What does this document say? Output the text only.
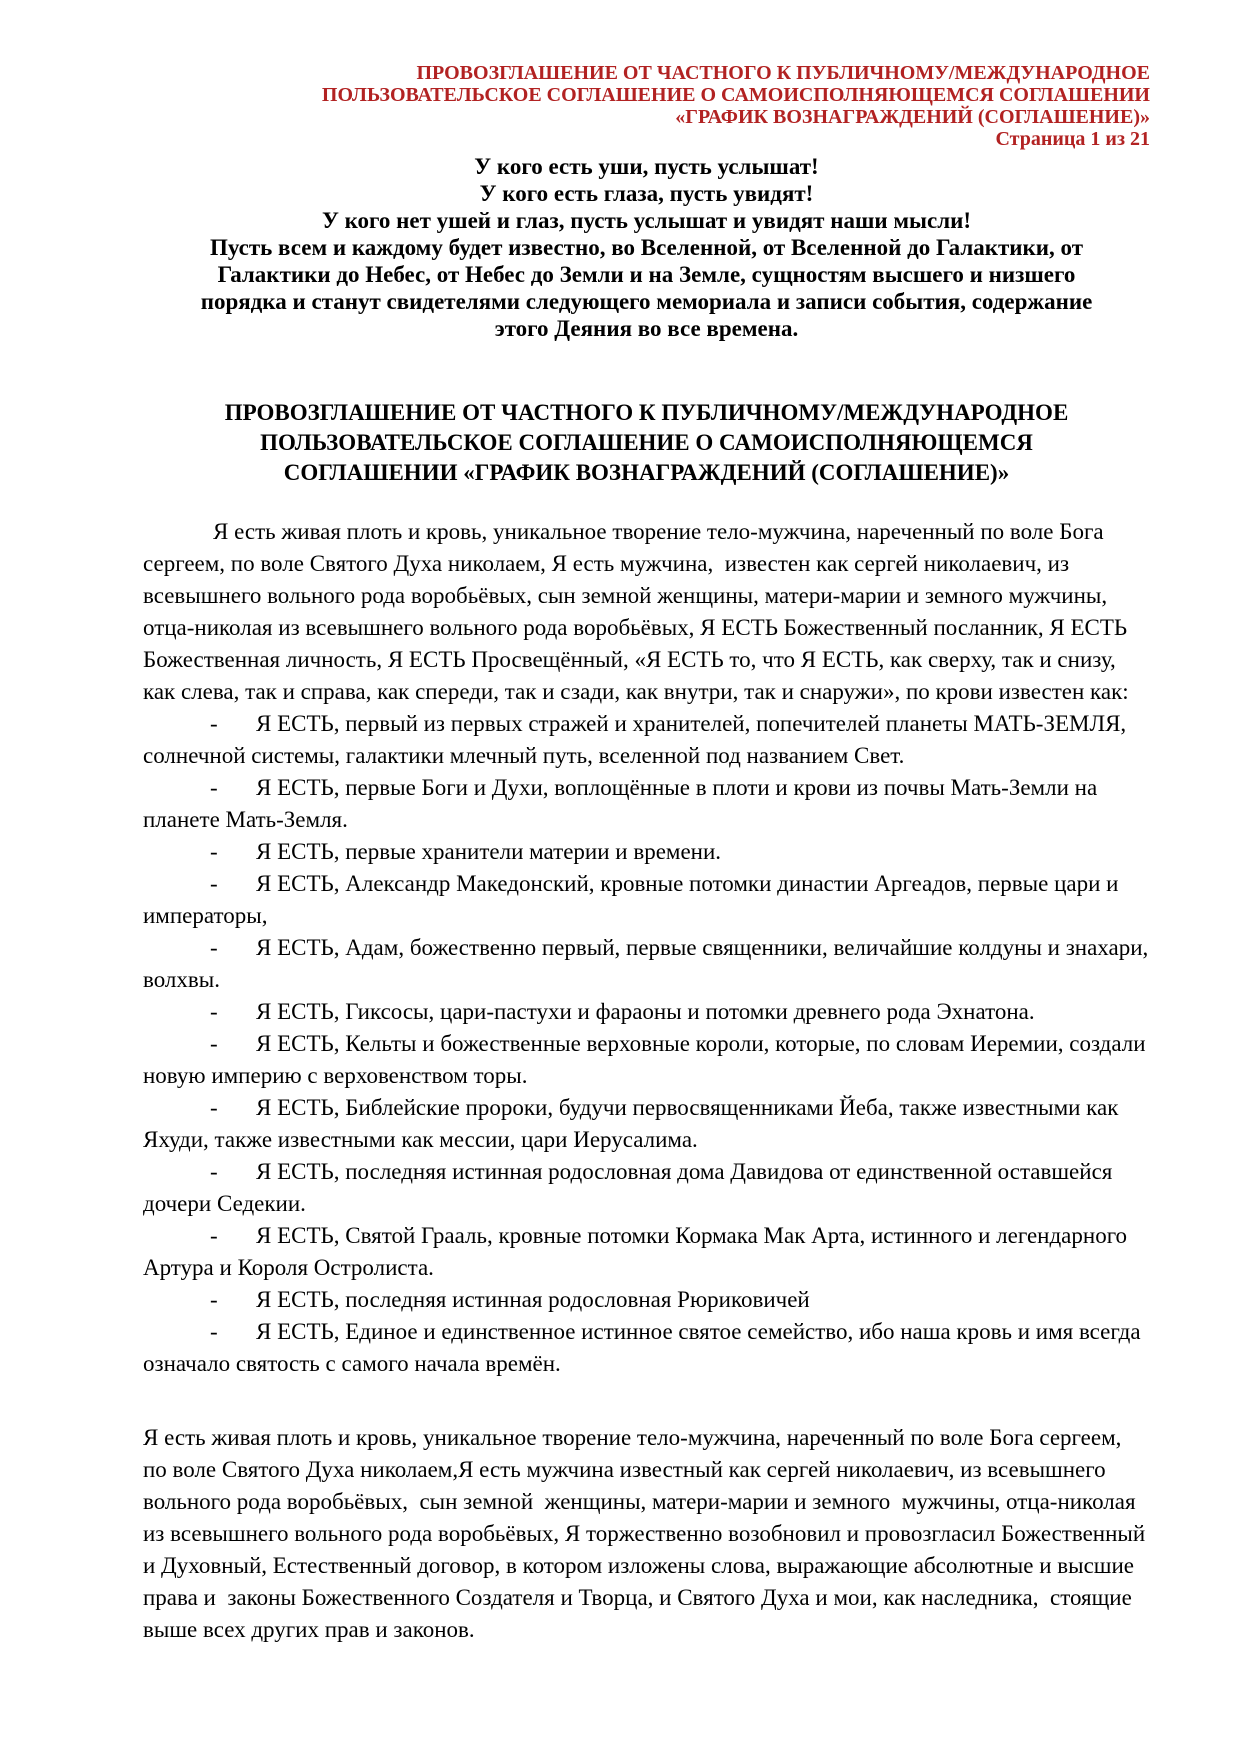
ПРОВОЗГЛАШЕНИЕ ОТ ЧАСТНОГО К ПУБЛИЧНОМУ/МЕЖДУНАРОДНОЕ
ПОЛЬЗОВАТЕЛЬСКОЕ СОГЛАШЕНИЕ О САМОИСПОЛНЯЮЩЕМСЯ СОГЛАШЕНИИ
«ГРАФИК ВОЗНАГРАЖДЕНИЙ (СОГЛАШЕНИЕ)»
Страница 1 из 21
У кого есть уши, пусть услышат!
У кого есть глаза, пусть увидят!
У кого нет ушей и глаз, пусть услышат и увидят наши мысли!
Пусть всем и каждому будет известно, во Вселенной, от Вселенной до Галактики, от
Галактики до Небес, от Небес до Земли и на Земле, сущностям высшего и низшего
порядка и станут свидетелями следующего мемориала и записи события, содержание
этого Деяния во все времена.
ПРОВОЗГЛАШЕНИЕ ОТ ЧАСТНОГО К ПУБЛИЧНОМУ/МЕЖДУНАРОДНОЕ
ПОЛЬЗОВАТЕЛЬСКОЕ СОГЛАШЕНИЕ О САМОИСПОЛНЯЮЩЕМСЯ
СОГЛАШЕНИИ «ГРАФИК ВОЗНАГРАЖДЕНИЙ (СОГЛАШЕНИЕ)»
Я есть живая плоть и кровь, уникальное творение тело-мужчина, нареченный по воле Бога сергеем, по воле Святого Духа николаем, Я есть мужчина,  известен как сергей николаевич, из всевышнего вольного рода воробьёвых, сын земной женщины, матери-марии и земного мужчины, отца-николая из всевышнего вольного рода воробьёвых, Я ЕСТЬ Божественный посланник, Я ЕСТЬ Божественная личность, Я ЕСТЬ Просвещённый, «Я ЕСТЬ то, что Я ЕСТЬ, как сверху, так и снизу, как слева, так и справа, как спереди, так и сзади, как внутри, так и снаружи», по крови известен как:
- Я ЕСТЬ, первый из первых стражей и хранителей, попечителей планеты МАТЬ-ЗЕМЛЯ, солнечной системы, галактики млечный путь, вселенной под названием Свет.
- Я ЕСТЬ, первые Боги и Духи, воплощённые в плоти и крови из почвы Мать-Земли на планете Мать-Земля.
- Я ЕСТЬ, первые хранители материи и времени.
- Я ЕСТЬ, Александр Македонский, кровные потомки династии Аргеадов, первые цари и императоры,
- Я ЕСТЬ, Адам, божественно первый, первые священники, величайшие колдуны и знахари, волхвы.
- Я ЕСТЬ, Гиксосы, цари-пастухи и фараоны и потомки древнего рода Эхнатона.
- Я ЕСТЬ, Кельты и божественные верховные короли, которые, по словам Иеремии, создали новую империю с верховенством торы.
- Я ЕСТЬ, Библейские пророки, будучи первосвященниками Йеба, также известными как Яхуди, также известными как мессии, цари Иерусалима.
- Я ЕСТЬ, последняя истинная родословная дома Давидова от единственной оставшейся дочери Седекии.
- Я ЕСТЬ, Святой Грааль, кровные потомки Кормака Мак Арта, истинного и легендарного Артура и Короля Остролиста.
- Я ЕСТЬ, последняя истинная родословная Рюриковичей
- Я ЕСТЬ, Единое и единственное истинное святое семейство, ибо наша кровь и имя всегда означало святость с самого начала времён.
Я есть живая плоть и кровь, уникальное творение тело-мужчина, нареченный по воле Бога сергеем, по воле Святого Духа николаем,Я есть мужчина известный как сергей николаевич, из всевышнего вольного рода воробьёвых,  сын земной  женщины, матери-марии и земного  мужчины, отца-николая из всевышнего вольного рода воробьёвых, Я торжественно возобновил и провозгласил Божественный и Духовный, Естественный договор, в котором изложены слова, выражающие абсолютные и высшие права и  законы Божественного Создателя и Творца, и Святого Духа и мои, как наследника,  стоящие выше всех других прав и законов.
